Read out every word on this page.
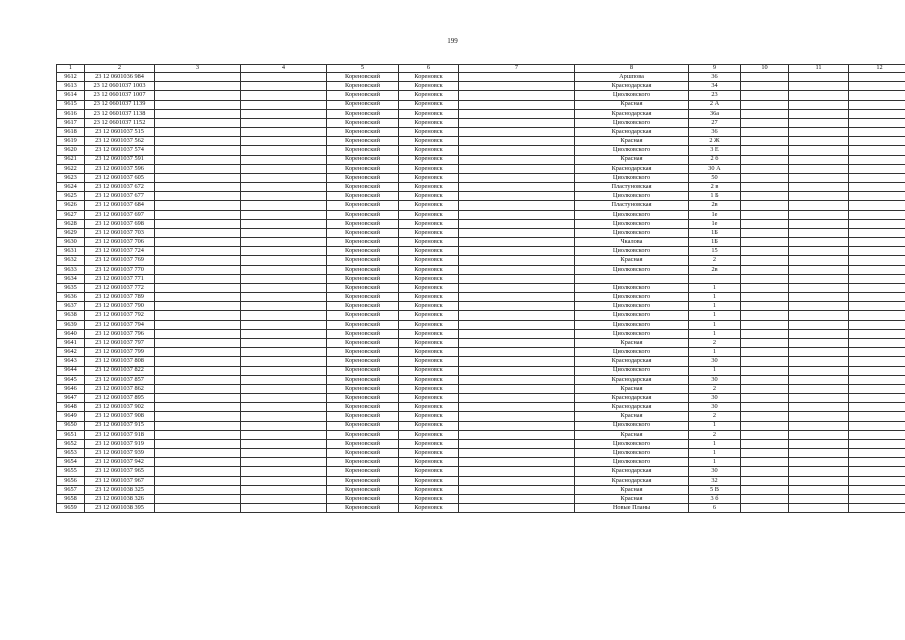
199
1	2	3	4	5	6	7	8	9	10	11	12
9612	23 12 0601036 984			Кореновский	Кореновск		Аршпова	36			
9613	23 12 0601037 1003			Кореновский	Кореновск		Краснодарская	34			
9614	23 12 0601037 1007			Кореновский	Кореновск		Циолковского	23			
9615	23 12 0601037 1139			Кореновский	Кореновск		Красная	2 А			
9616	23 12 0601037 1138			Кореновский	Кореновск		Краснодарская	36а			
9617	23 12 0601037 1152			Кореновский	Кореновск		Циолковского	27			
9618	23 12 0601037 515			Кореновский	Кореновск		Краснодарская	36			
9619	23 12 0601037 562			Кореновский	Кореновск		Красная	2 Ж			
9620	23 12 0601037 574			Кореновский	Кореновск		Циолковского	3 Е			
9621	23 12 0601037 591			Кореновский	Кореновск		Красная	2 б			
9622	23 12 0601037 596			Кореновский	Кореновск		Краснодарская	30 А			
9623	23 12 0601037 605			Кореновский	Кореновск		Циолковского	50			
9624	23 12 0601037 672			Кореновский	Кореновск		Пластуновская	2 в			
9625	23 12 0601037 677			Кореновский	Кореновск		Циолковского	1 Б			
9626	23 12 0601037 684			Кореновский	Кореновск		Пластуновская	2в			
9627	23 12 0601037 697			Кореновский	Кореновск		Циолковского	1е			
9628	23 12 0601037 698			Кореновский	Кореновск		Циолковского	1е			
9629	23 12 0601037 703			Кореновский	Кореновск		Циолковского	1Б			
9630	23 12 0601037 706			Кореновский	Кореновск		Чкалова	1Б			
9631	23 12 0601037 724			Кореновский	Кореновск		Циолковского	15			
9632	23 12 0601037 769			Кореновский	Кореновск		Красная	2			
9633	23 12 0601037 770			Кореновский	Кореновск		Циолковского	2в			
9634	23 12 0601037 771			Кореновский	Кореновск						
9635	23 12 0601037 772			Кореновский	Кореновск		Циолковского	1			
9636	23 12 0601037 789			Кореновский	Кореновск		Циолковского	1			
9637	23 12 0601037 790			Кореновский	Кореновск		Циолковского	1			
9638	23 12 0601037 792			Кореновский	Кореновск		Циолковского	1			
9639	23 12 0601037 794			Кореновский	Кореновск		Циолковского	1			
9640	23 12 0601037 796			Кореновский	Кореновск		Циолковского	1			
9641	23 12 0601037 797			Кореновский	Кореновск		Красная	2			
9642	23 12 0601037 799			Кореновский	Кореновск		Циолковского	1			
9643	23 12 0601037 808			Кореновский	Кореновск		Краснодарская	30			
9644	23 12 0601037 822			Кореновский	Кореновск		Циолковского	1			
9645	23 12 0601037 857			Кореновский	Кореновск		Краснодарская	30			
9646	23 12 0601037 862			Кореновский	Кореновск		Красная	2			
9647	23 12 0601037 895			Кореновский	Кореновск		Краснодарская	30			
9648	23 12 0601037 902			Кореновский	Кореновск		Краснодарская	30			
9649	23 12 0601037 908			Кореновский	Кореновск		Красная	2			
9650	23 12 0601037 915			Кореновский	Кореновск		Циолковского	1			
9651	23 12 0601037 918			Кореновский	Кореновск		Красная	2			
9652	23 12 0601037 919			Кореновский	Кореновск		Циолковского	1			
9653	23 12 0601037 939			Кореновский	Кореновск		Циолковского	1			
9654	23 12 0601037 942			Кореновский	Кореновск		Циолковского	1			
9655	23 12 0601037 965			Кореновский	Кореновск		Краснодарская	30			
9656	23 12 0601037 967			Кореновский	Кореновск		Краснодарская	32			
9657	23 12 0601038 325			Кореновский	Кореновск		Красная	5 В			
9658	23 12 0601038 326			Кореновский	Кореновск		Красная	3 б			
9659	23 12 0601038 395			Кореновский	Кореновск		Новые Планы	6			
